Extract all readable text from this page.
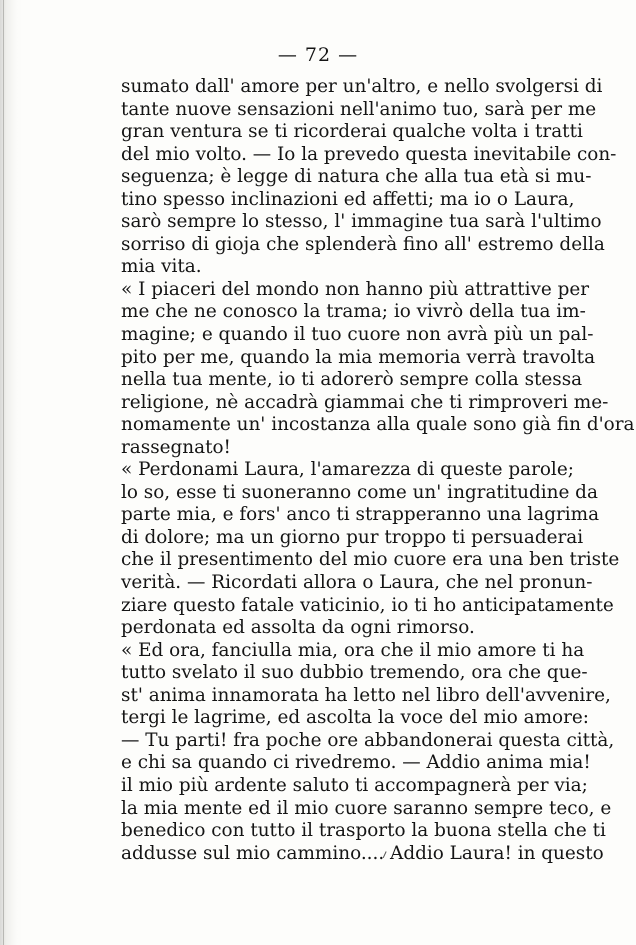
— 72 —
sumato dall' amore per un'altro, e nello svolgersi di
tante nuove sensazioni nell'animo tuo, sarà per me
gran ventura se ti ricorderai qualche volta i tratti
del mio volto. — Io la prevedo questa inevitabile con-
seguenza; è legge di natura che alla tua età si mu-
tino spesso inclinazioni ed affetti; ma io o Laura,
sarò sempre lo stesso, l' immagine tua sarà l'ultimo
sorriso di gioja che splenderà fino all' estremo della
mia vita.
« I piaceri del mondo non hanno più attrattive per
me che ne conosco la trama; io vivrò della tua im-
magine; e quando il tuo cuore non avrà più un pal-
pito per me, quando la mia memoria verrà travolta
nella tua mente, io ti adorerò sempre colla stessa
religione, nè accadrà giammai che ti rimproveri me-
nomamente un' incostanza alla quale sono già fin d'ora
rassegnato!
« Perdonami Laura, l'amarezza di queste parole;
lo so, esse ti suoneranno come un' ingratitudine da
parte mia, e fors' anco ti strapperanno una lagrima
di dolore; ma un giorno pur troppo ti persuaderai
che il presentimento del mio cuore era una ben triste
verità. — Ricordati allora o Laura, che nel pronun-
ziare questo fatale vaticinio, io ti ho anticipatamente
perdonata ed assolta da ogni rimorso.
« Ed ora, fanciulla mia, ora che il mio amore ti ha
tutto svelato il suo dubbio tremendo, ora che que-
st' anima innamorata ha letto nel libro dell'avvenire,
tergi le lagrime, ed ascolta la voce del mio amore:
— Tu parti! fra poche ore abbandonerai questa città,
e chi sa quando ci rivedremo. — Addio anima mia!
il mio più ardente saluto ti accompagnerà per via;
la mia mente ed il mio cuore saranno sempre teco, e
benedico con tutto il trasporto la buona stella che ti
addusse sul mio cammino.... Addio Laura! in questo
